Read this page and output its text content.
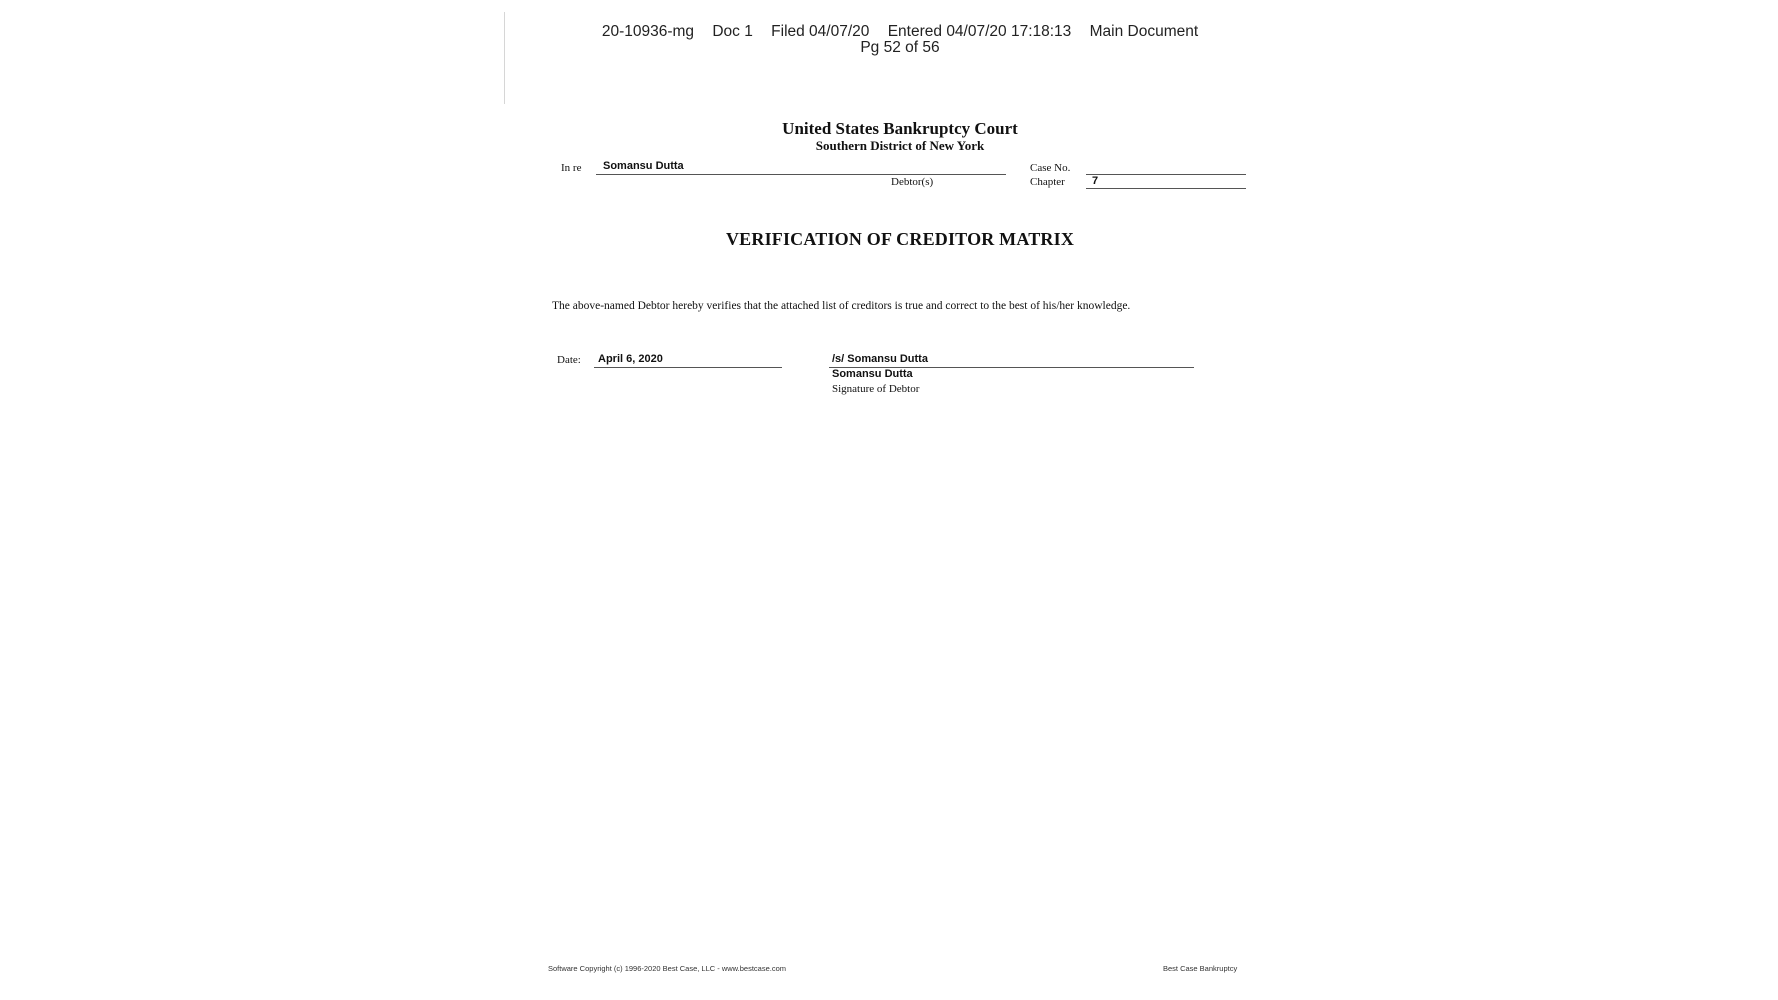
20-10936-mg Doc 1 Filed 04/07/20 Entered 04/07/20 17:18:13 Main Document
Pg 52 of 56
United States Bankruptcy Court
Southern District of New York
In re Somansu Dutta
Debtor(s)
Case No.
Chapter 7
VERIFICATION OF CREDITOR MATRIX
The above-named Debtor hereby verifies that the attached list of creditors is true and correct to the best of his/her knowledge.
Date: April 6, 2020	/s/ Somansu Dutta
Somansu Dutta
Signature of Debtor
Software Copyright (c) 1996-2020 Best Case, LLC - www.bestcase.com	Best Case Bankruptcy
